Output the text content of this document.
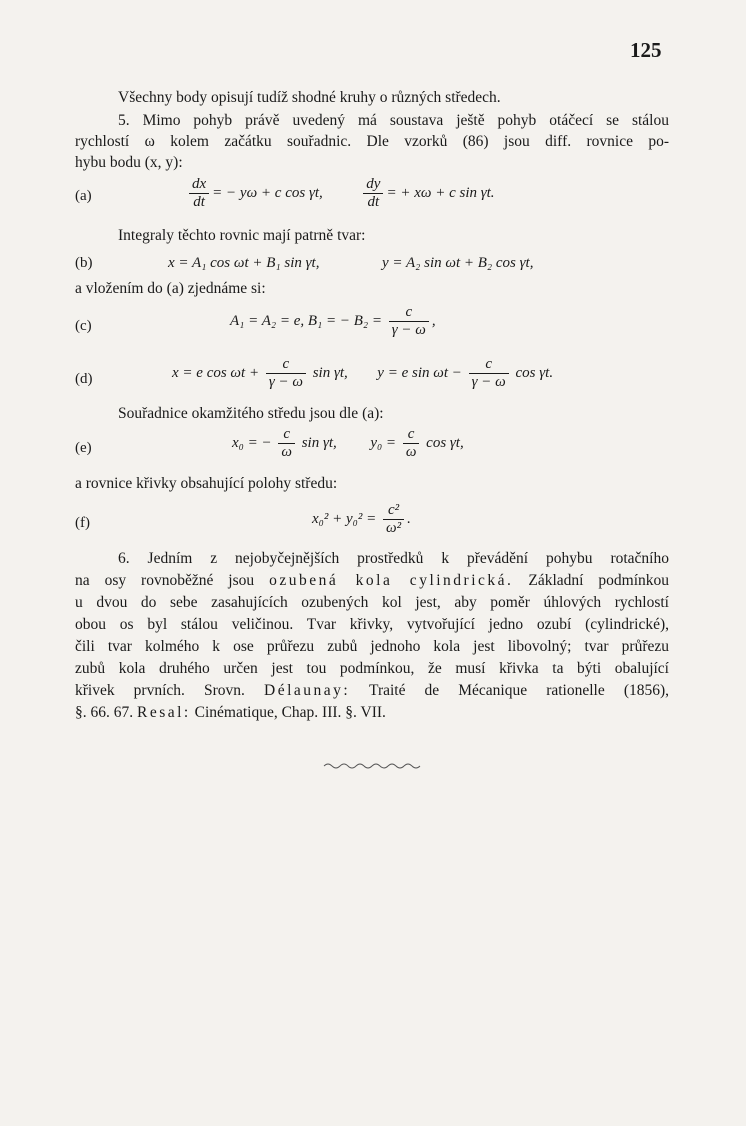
125
Všechny body opisují tudíž shodné kruhy o různých středech.
5. Mimo pohyb právě uvedený má soustava ještě pohyb otáčecí se stálou
rychlostí ω kolem začátku souřadnic. Dle vzorků (86) jsou diff. rovnice po-
hybu bodu (x, y):
(a)	$\frac{dx}{dt}$ = − yω + c cos γt,	$\frac{dy}{dt}$ = + xω + c sin γt.
Integraly těchto rovnic mají patrně tvar:
(b)	x = A₁ cos ωt + B₁ sin γt,	y = A₂ sin ωt + B₂ cos γt,
a vložením do (a) zjednáme si:
(c)	A₁ = A₂ = e, B₁ = − $B_2 = \frac{c}{\gamma - \omega}$ ,
(d)	x = e $\cos \omega t + \frac{c}{\gamma - \omega}$ sin γt, y = e $\sin \omega t - \frac{c}{\gamma - \omega}$ cos γt.
Souřadnice okamžitého středu jsou dle (a):
(e)	x₀ = − $\frac{c}{\omega}$ sin γt, $y_0 = \frac{c}{\omega}$ cos γt,
a rovnice křivky obsahující polohy středu:
(f)	$x_0^2 + y_0^2 = \frac{\text{c²}}{\text{ω²}}$ .
6. Jedním z nejobyčejnějších prostředků k převádění pohybu rotačního
na osy rovnoběžné jsou ozubená kola cylindrická. Základní podmínkou
u dvou do sebe zasahujících ozubených kol jest, aby poměr úhlových rychlostí
obou os byl stálou veličinou. Tvar křivky, vytvořující jedno ozubí (cylindrické),
čili tvar kolmého k ose průřezu zubů jednoho kola jest libovolný; tvar průřezu
zubů kola druhého určen jest tou podmínkou, že musí křivka ta býti obalující
křivek prvních. Srovn. Délaunay: Traité de Mécanique rationelle (1856),
§. 66. 67. Resal: Cinématique, Chap. III. §. VII.
